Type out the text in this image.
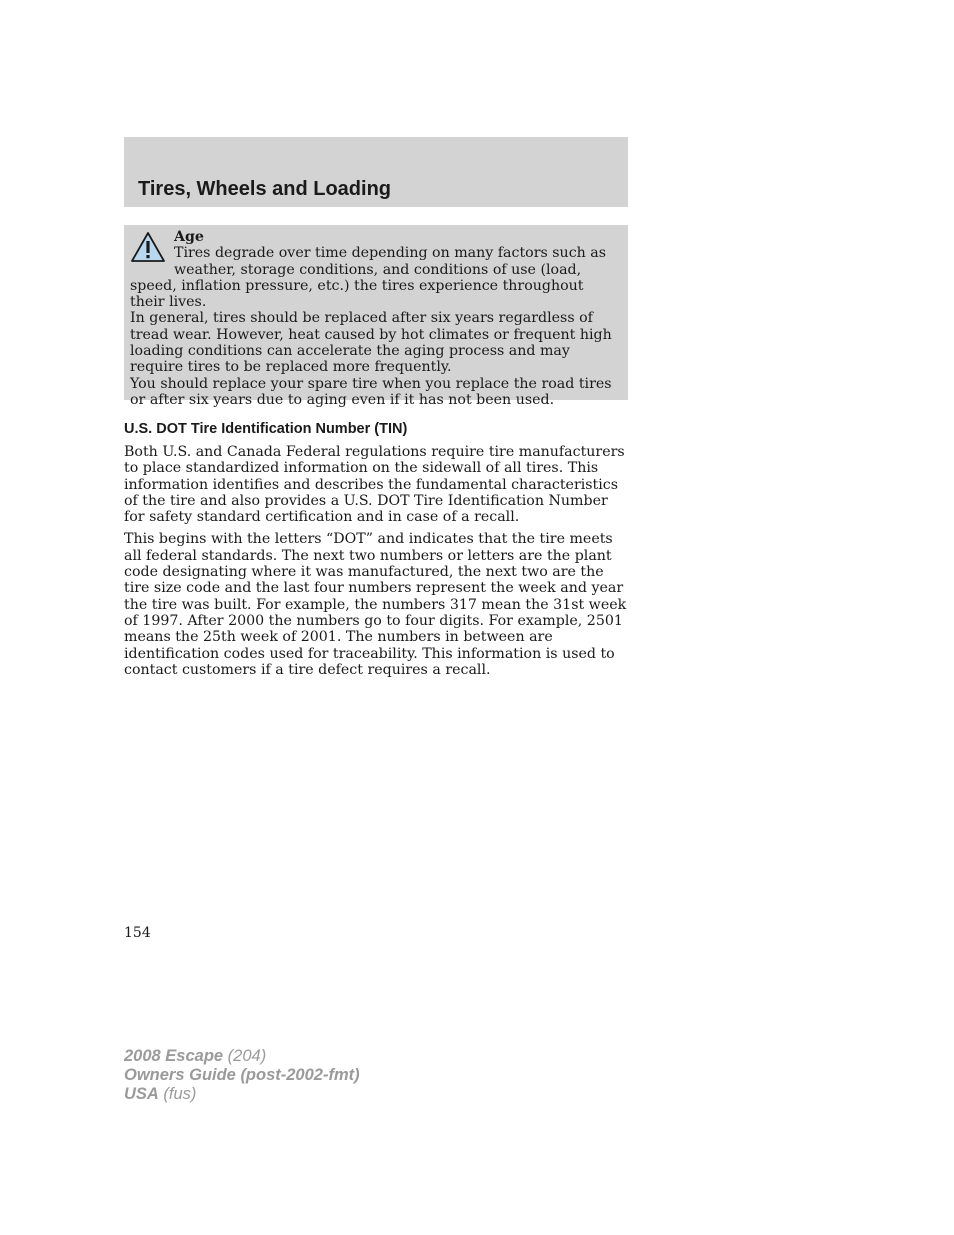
Tires, Wheels and Loading
Age

Tires degrade over time depending on many factors such as weather, storage conditions, and conditions of use (load, speed, inflation pressure, etc.) the tires experience throughout their lives.

In general, tires should be replaced after six years regardless of tread wear. However, heat caused by hot climates or frequent high loading conditions can accelerate the aging process and may require tires to be replaced more frequently.

You should replace your spare tire when you replace the road tires or after six years due to aging even if it has not been used.

U.S. DOT Tire Identification Number (TIN)

Both U.S. and Canada Federal regulations require tire manufacturers to place standardized information on the sidewall of all tires. This information identifies and describes the fundamental characteristics of the tire and also provides a U.S. DOT Tire Identification Number for safety standard certification and in case of a recall.

This begins with the letters “DOT” and indicates that the tire meets all federal standards. The next two numbers or letters are the plant code designating where it was manufactured, the next two are the tire size code and the last four numbers represent the week and year the tire was built. For example, the numbers 317 mean the 31st week of 1997. After 2000 the numbers go to four digits. For example, 2501 means the 25th week of 2001. The numbers in between are identification codes used for traceability. This information is used to contact customers if a tire defect requires a recall.

154
2008 Escape (204)
Owners Guide (post-2002-fmt)
USA (fus)
